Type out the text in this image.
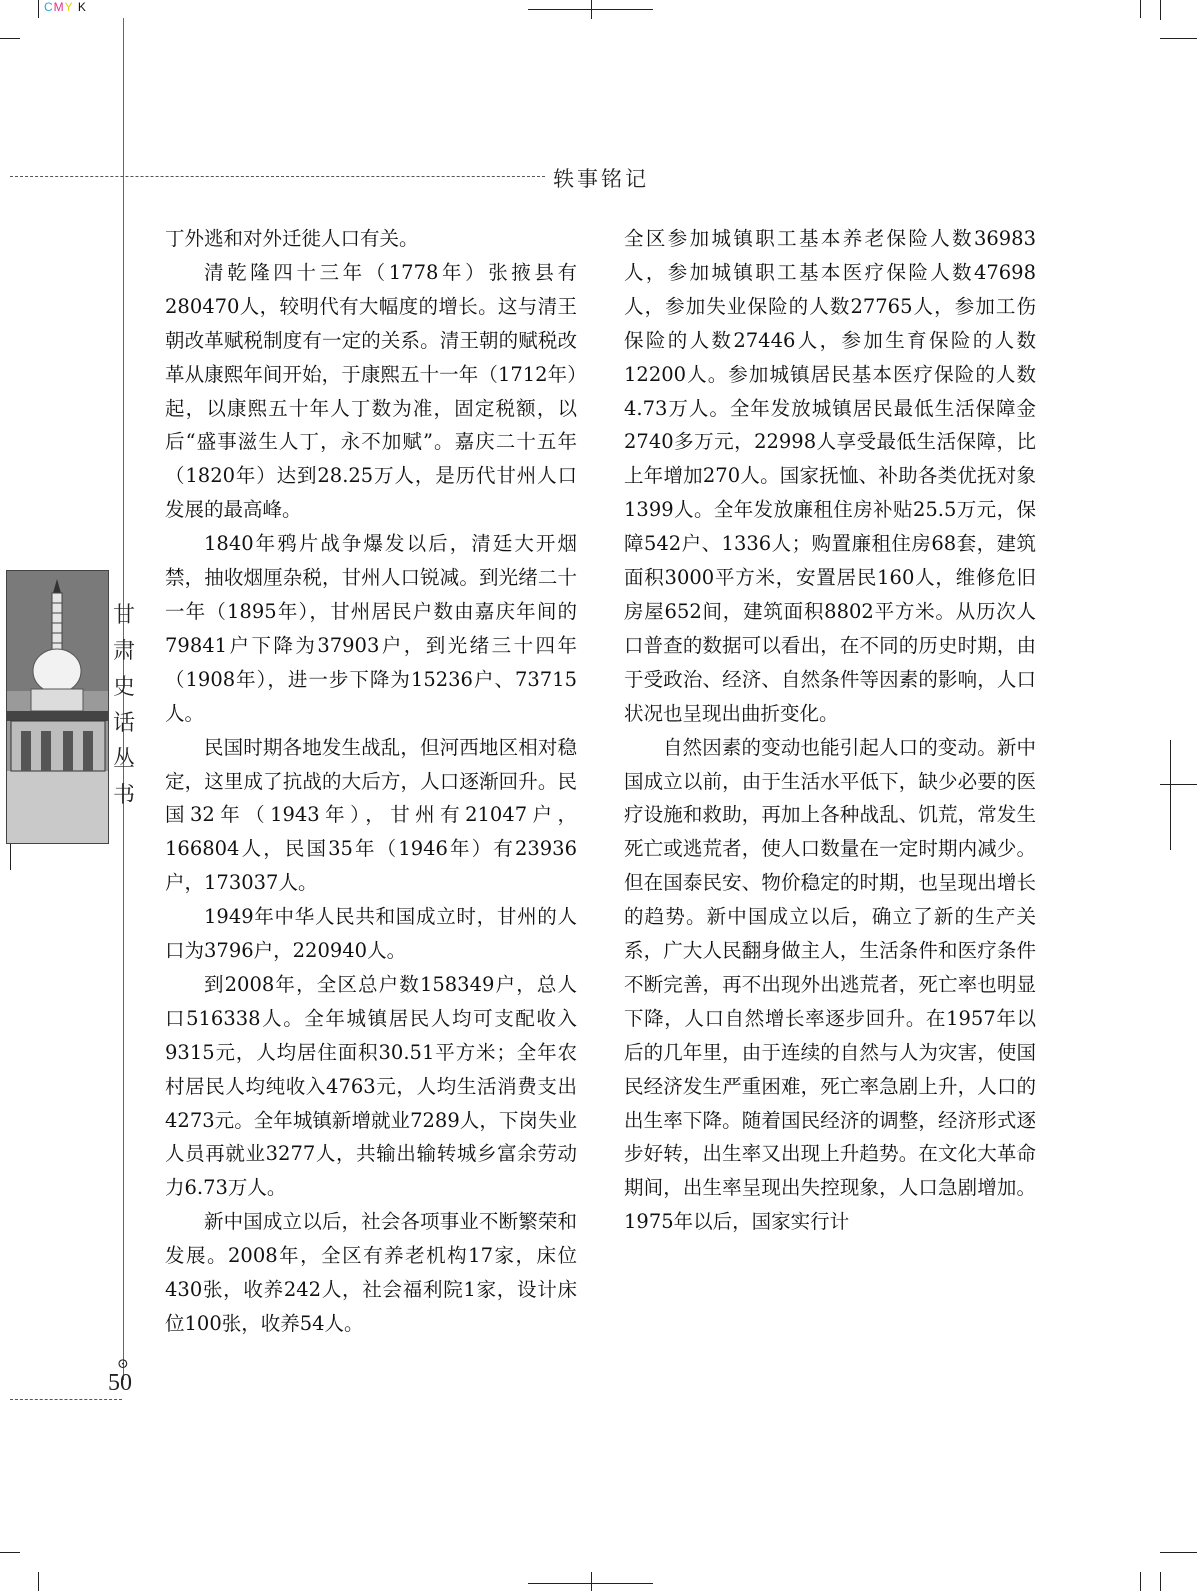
CMY K
轶事铭记
甘肃史话丛书
⊙
50

丁外逃和对外迁徙人口有关。

清乾隆四十三年（1778年）张掖县有280470人，较明代有大幅度的增长。这与清王朝改革赋税制度有一定的关系。清王朝的赋税改革从康熙年间开始，于康熙五十一年（1712年）起，以康熙五十年人丁数为准，固定税额，以后“盛事滋生人丁，永不加赋”。嘉庆二十五年（1820年）达到28.25万人，是历代甘州人口发展的最高峰。

1840年鸦片战争爆发以后，清廷大开烟禁，抽收烟厘杂税，甘州人口锐减。到光绪二十一年（1895年），甘州居民户数由嘉庆年间的79841户下降为37903户，到光绪三十四年（1908年），进一步下降为15236户、73715人。

民国时期各地发生战乱，但河西地区相对稳定，这里成了抗战的大后方，人口逐渐回升。民国32年（1943年），甘州有21047户，166804人，民国35年（1946年）有23936户，173037人。

1949年中华人民共和国成立时，甘州的人口为3796户，220940人。

到2008年，全区总户数158349户，总人口516338人。全年城镇居民人均可支配收入9315元，人均居住面积30.51平方米；全年农村居民人均纯收入4763元，人均生活消费支出4273元。全年城镇新增就业7289人，下岗失业人员再就业3277人，共输出输转城乡富余劳动力6.73万人。

新中国成立以后，社会各项事业不断繁荣和发展。2008年，全区有养老机构17家，床位430张，收养242人，社会福利院1家，设计床位100张，收养54人。

全区参加城镇职工基本养老保险人数36983人，参加城镇职工基本医疗保险人数47698人，参加失业保险的人数27765人，参加工伤保险的人数27446人，参加生育保险的人数12200人。参加城镇居民基本医疗保险的人数4.73万人。全年发放城镇居民最低生活保障金2740多万元，22998人享受最低生活保障，比上年增加270人。国家抚恤、补助各类优抚对象1399人。全年发放廉租住房补贴25.5万元，保障542户、1336人；购置廉租住房68套，建筑面积3000平方米，安置居民160人，维修危旧房屋652间，建筑面积8802平方米。从历次人口普查的数据可以看出，在不同的历史时期，由于受政治、经济、自然条件等因素的影响，人口状况也呈现出曲折变化。

自然因素的变动也能引起人口的变动。新中国成立以前，由于生活水平低下，缺少必要的医疗设施和救助，再加上各种战乱、饥荒，常发生死亡或逃荒者，使人口数量在一定时期内减少。但在国泰民安、物价稳定的时期，也呈现出增长的趋势。新中国成立以后，确立了新的生产关系，广大人民翻身做主人，生活条件和医疗条件不断完善，再不出现外出逃荒者，死亡率也明显下降，人口自然增长率逐步回升。在1957年以后的几年里，由于连续的自然与人为灾害，使国民经济发生严重困难，死亡率急剧上升，人口的出生率下降。随着国民经济的调整，经济形式逐步好转，出生率又出现上升趋势。在文化大革命期间，出生率呈现出失控现象，人口急剧增加。1975年以后，国家实行计
